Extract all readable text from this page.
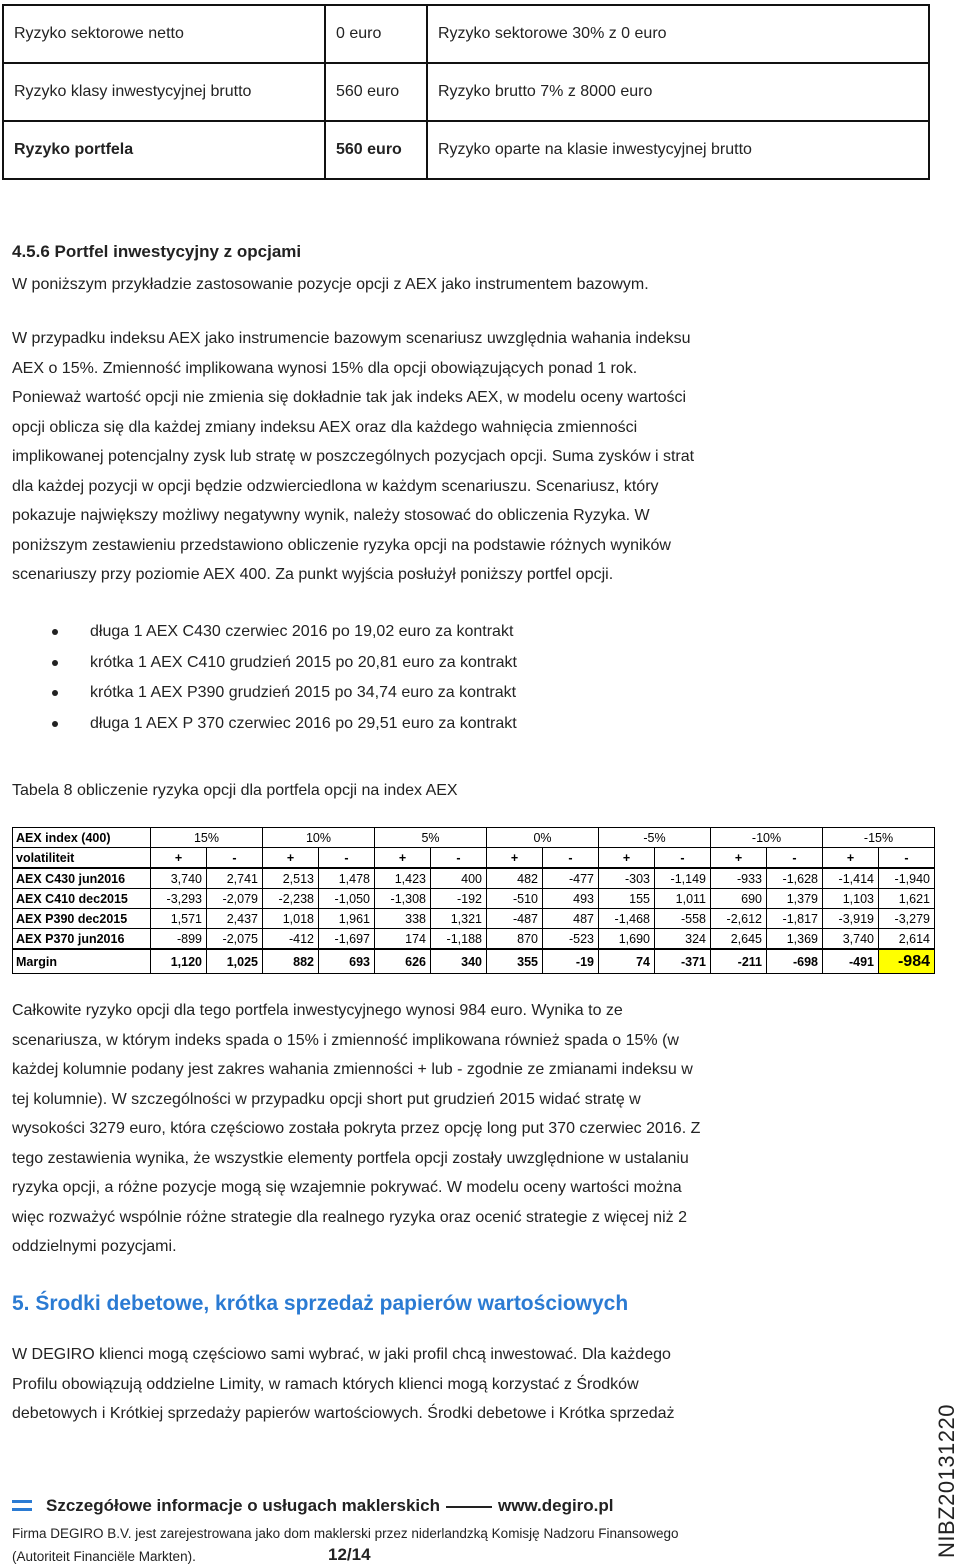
Ryzyko sektorowe netto	0 euro	Ryzyko sektorowe 30% z 0 euro
Ryzyko klasy inwestycyjnej brutto	560 euro	Ryzyko brutto 7% z 8000 euro
Ryzyko portfela	560 euro	Ryzyko oparte na klasie inwestycyjnej brutto
4.5.6 Portfel inwestycyjny z opcjami
W poniższym przykładzie zastosowanie pozycje opcji z AEX jako instrumentem bazowym.
W przypadku indeksu AEX jako instrumencie bazowym scenariusz uwzględnia wahania indeksu
AEX o 15%. Zmienność implikowana wynosi 15% dla opcji obowiązujących ponad 1 rok.
Ponieważ wartość opcji nie zmienia się dokładnie tak jak indeks AEX, w modelu oceny wartości
opcji oblicza się dla każdej zmiany indeksu AEX oraz dla każdego wahnięcia zmienności
implikowanej potencjalny zysk lub stratę w poszczególnych pozycjach opcji. Suma zysków i strat
dla każdej pozycji w opcji będzie odzwierciedlona w każdym scenariuszu. Scenariusz, który
pokazuje największy możliwy negatywny wynik, należy stosować do obliczenia Ryzyka. W
poniższym zestawieniu przedstawiono obliczenie ryzyka opcji na podstawie różnych wyników
scenariuszy przy poziomie AEX 400. Za punkt wyjścia posłużył poniższy portfel opcji.
długa 1 AEX C430 czerwiec 2016 po 19,02 euro za kontrakt
krótka 1 AEX C410 grudzień 2015 po 20,81 euro za kontrakt
krótka 1 AEX P390 grudzień 2015 po 34,74 euro za kontrakt
długa 1 AEX P 370 czerwiec 2016 po 29,51 euro za kontrakt
Tabela 8 obliczenie ryzyka opcji dla portfela opcji na index AEX
AEX index (400)	15%		10%		5%		0%		-5%		-10%		-15%	
volatiliteit	+	-	+	-	+	-	+	-	+	-	+	-	+	-
AEX C430 jun2016	3,740	2,741	2,513	1,478	1,423	400	482	-477	-303	-1,149	-933	-1,628	-1,414	-1,940
AEX C410 dec2015	-3,293	-2,079	-2,238	-1,050	-1,308	-192	-510	493	155	1,011	690	1,379	1,103	1,621
AEX P390 dec2015	1,571	2,437	1,018	1,961	338	1,321	-487	487	-1,468	-558	-2,612	-1,817	-3,919	-3,279
AEX P370 jun2016	-899	-2,075	-412	-1,697	174	-1,188	870	-523	1,690	324	2,645	1,369	3,740	2,614
Margin	1,120	1,025	882	693	626	340	355	-19	74	-371	-211	-698	-491	-984
Całkowite ryzyko opcji dla tego portfela inwestycyjnego wynosi 984 euro. Wynika to ze
scenariusza, w którym indeks spada o 15% i zmienność implikowana również spada o 15% (w
każdej kolumnie podany jest zakres wahania zmienności + lub - zgodnie ze zmianami indeksu w
tej kolumnie). W szczególności w przypadku opcji short put grudzień 2015 widać stratę w
wysokości 3279 euro, która częściowo została pokryta przez opcję long put 370 czerwiec 2016. Z
tego zestawienia wynika, że wszystkie elementy portfela opcji zostały uwzględnione w ustalaniu
ryzyka opcji, a różne pozycje mogą się wzajemnie pokrywać. W modelu oceny wartości można
więc rozważyć wspólnie różne strategie dla realnego ryzyka oraz ocenić strategie z więcej niż 2
oddzielnymi pozycjami.
5. Środki debetowe, krótka sprzedaż papierów wartościowych
W DEGIRO klienci mogą częściowo sami wybrać, w jaki profil chcą inwestować. Dla każdego
Profilu obowiązują oddzielne Limity, w ramach których klienci mogą korzystać z Środków
debetowych i Krótkiej sprzedaży papierów wartościowych. Środki debetowe i Krótka sprzedaż
Szczegółowe informacje o usługach maklerskich	www.degiro.pl
Firma DEGIRO B.V. jest zarejestrowana jako dom maklerski przez niderlandzką Komisję Nadzoru Finansowego
(Autoriteit Financiële Markten).	12/14	NIBZ20131220
